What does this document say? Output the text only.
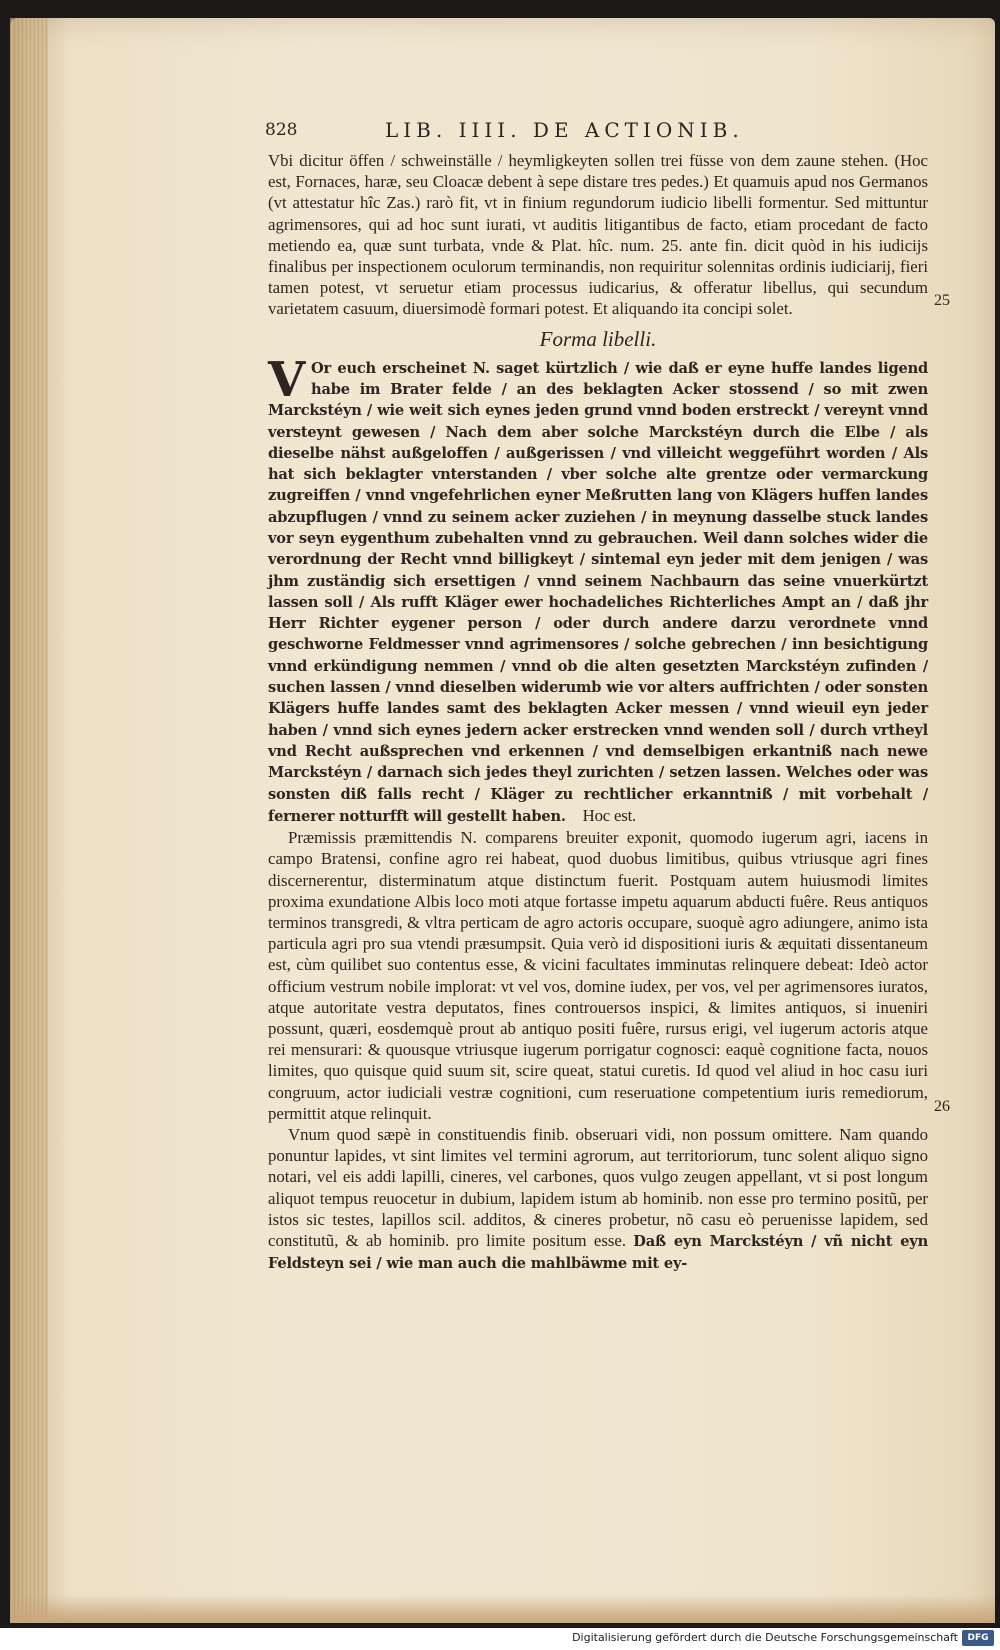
828	LIB. IIII. DE ACTIONIB.
25
26

Vbi dicitur öffen / schweinställe / heymligkeyten sollen trei füsse von dem zaune stehen. (Hoc est, Fornaces, haræ, seu Cloacæ debent à sepe distare tres pedes.) Et quamuis apud nos Germanos (vt attestatur hîc Zas.) rarò fit, vt in finium regundorum iudicio libelli formentur. Sed mittuntur agrimensores, qui ad hoc sunt iurati, vt auditis litigantibus de facto, etiam procedant de facto metiendo ea, quæ sunt turbata, vnde & Plat. hîc. num. 25. ante fin. dicit quòd in his iudicijs finalibus per inspectionem oculorum terminandis, non requiritur solennitas ordinis iudiciarij, fieri tamen potest, vt seruetur etiam processus iudicarius, & offeratur libellus, qui secundum varietatem casuum, diuersimodè formari potest. Et aliquando ita concipi solet.

Forma libelli.

V Or euch erscheinet N. saget kürtzlich / wie daß er eyne huffe landes ligend habe im Brater felde / an des beklagten Acker stossend / so mit zwen Marckstéyn / wie weit sich eynes jeden grund vnnd boden erstreckt / vereynt vnnd versteynt gewesen / Nach dem aber solche Marckstéyn durch die Elbe / als dieselbe nähst außgeloffen / außgerissen / vnd villeicht weggeführt worden / Als hat sich beklagter vnterstanden / vber solche alte grentze oder vermarckung zugreiffen / vnnd vngefehrlichen eyner Meßrutten lang von Klägers huffen landes abzupflugen / vnnd zu seinem acker zuziehen / in meynung dasselbe stuck landes vor seyn eygenthum zubehalten vnnd zu gebrauchen. Weil dann solches wider die verordnung der Recht vnnd billigkeyt / sintemal eyn jeder mit dem jenigen / was jhm zuständig sich ersettigen / vnnd seinem Nachbaurn das seine vnuerkürtzt lassen soll / Als rufft Kläger ewer hochadeliches Richterliches Ampt an / daß jhr Herr Richter eygener person / oder durch andere darzu verordnete vnnd geschworne Feldmesser vnnd agrimensores / solche gebrechen / inn besichtigung vnnd erkündigung nemmen / vnnd ob die alten gesetzten Marckstéyn zufinden / suchen lassen / vnnd dieselben widerumb wie vor alters auffrichten / oder sonsten Klägers huffe landes samt des beklagten Acker messen / vnnd wieuil eyn jeder haben / vnnd sich eynes jedern acker erstrecken vnnd wenden soll / durch vrtheyl vnd Recht außsprechen vnd erkennen / vnd demselbigen erkantniß nach newe Marckstéyn / darnach sich jedes theyl zurichten / setzen lassen. Welches oder was sonsten diß falls recht / Kläger zu rechtlicher erkanntniß / mit vorbehalt / fernerer notturfft will gestellt haben. Hoc est.

Præmissis præmittendis N. comparens breuiter exponit, quomodo iugerum agri, iacens in campo Bratensi, confine agro rei habeat, quod duobus limitibus, quibus vtriusque agri fines discernerentur, disterminatum atque distinctum fuerit. Postquam autem huiusmodi limites proxima exundatione Albis loco moti atque fortasse impetu aquarum abducti fuêre. Reus antiquos terminos transgredi, & vltra perticam de agro actoris occupare, suoquè agro adiungere, animo ista particula agri pro sua vtendi præsumpsit. Quia verò id dispositioni iuris & æquitati dissentaneum est, cùm quilibet suo contentus esse, & vicini facultates imminutas relinquere debeat: Ideò actor officium vestrum nobile implorat: vt vel vos, domine iudex, per vos, vel per agrimensores iuratos, atque autoritate vestra deputatos, fines controuersos inspici, & limites antiquos, si inueniri possunt, quæri, eosdemquè prout ab antiquo positi fuêre, rursus erigi, vel iugerum actoris atque rei mensurari: & quousque vtriusque iugerum porrigatur cognosci: eaquè cognitione facta, nouos limites, quo quisque quid suum sit, scire queat, statui curetis. Id quod vel aliud in hoc casu iuri congruum, actor iudiciali vestræ cognitioni, cum reseruatione competentium iuris remediorum, permittit atque relinquit.

Vnum quod sæpè in constituendis finib. obseruari vidi, non possum omittere. Nam quando ponuntur lapides, vt sint limites vel termini agrorum, aut territoriorum, tunc solent aliquo signo notari, vel eis addi lapilli, cineres, vel carbones, quos vulgo zeugen appellant, vt si post longum aliquot tempus reuocetur in dubium, lapidem istum ab hominib. non esse pro termino positũ, per istos sic testes, lapillos scil. additos, & cineres probetur, nõ casu eò peruenisse lapidem, sed constitutũ, & ab hominib. pro limite positum esse. Daß eyn Marckstéyn / vñ nicht eyn Feldsteyn sei / wie man auch die mahlbäwme mit ey-

Digitalisierung gefördert durch die Deutsche Forschungsgemeinschaft	DFG
